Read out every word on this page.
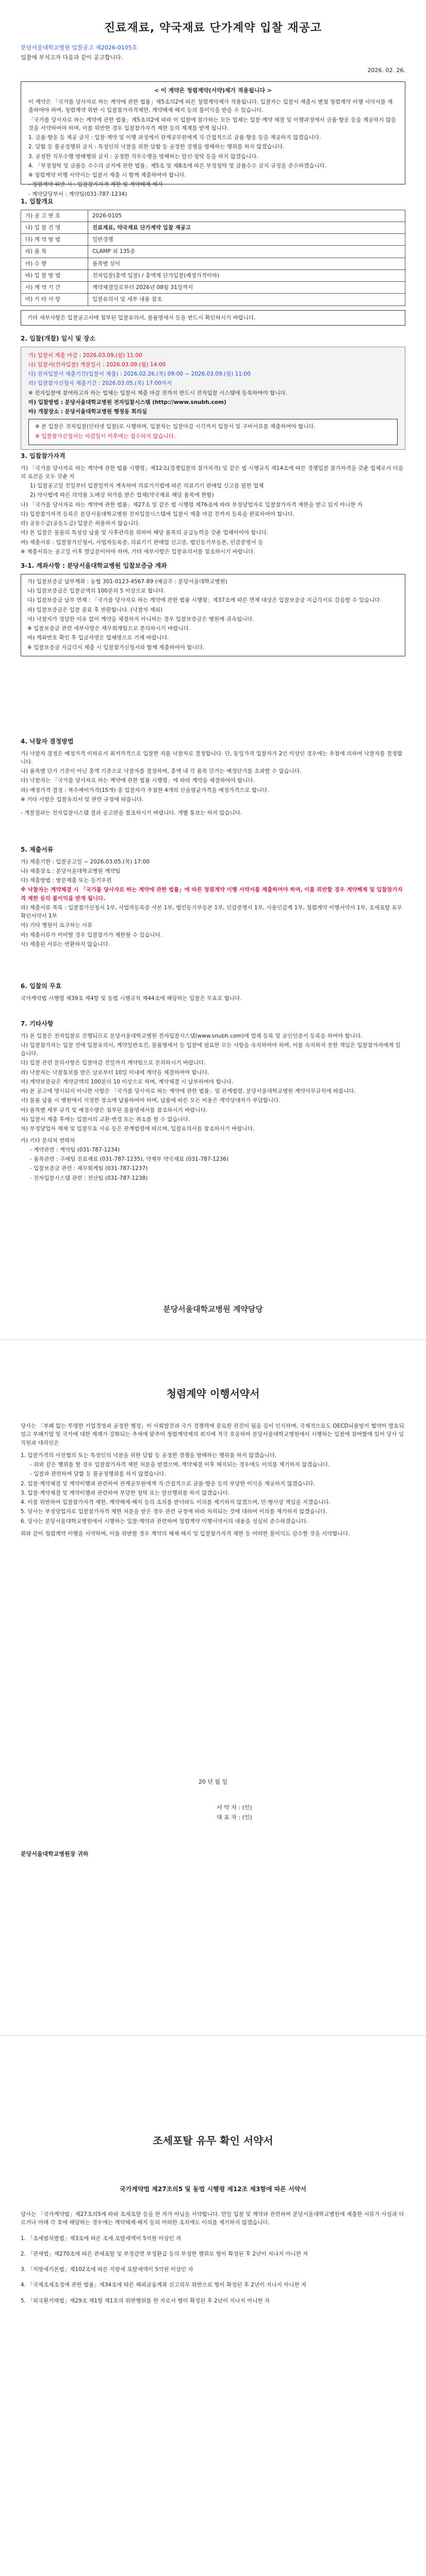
진료재료, 약국재료 단가계약 입찰 재공고

분당서울대학교병원 입찰공고 제2026-0105호

입찰에 부치고자 다음과 같이 공고합니다.

2026. 02. 26.
< 이 계약은 청렴계약(서약)제가 적용됩니다 >

이 계약은 「국가를 당사자로 하는 계약에 관한 법률」제5조의2에 따른 청렴계약제가 적용됩니다. 입찰자는 입찰서 제출시 별첨 청렴계약 이행 서약서를 제출하여야 하며, 청렴계약 위반 시 입찰참가자격제한, 계약해제·해지 등의 불이익을 받을 수 있습니다.

「국가를 당사자로 하는 계약에 관한 법률」제5조의2에 따라 이 입찰에 참가하는 모든 업체는 입찰·계약 체결 및 이행과정에서 금품·향응 등을 제공하지 않을 것을 서약하여야 하며, 이를 위반한 경우 입찰참가자격 제한 등의 제재를 받게 됩니다.

1. 금품·향응 등 제공 금지 : 입찰·계약 및 이행 과정에서 관계공무원에게 직·간접적으로 금품·향응 등을 제공하지 않겠습니다.

2. 담합 등 불공정행위 금지 : 특정인의 낙찰을 위한 담합 등 공정한 경쟁을 방해하는 행위를 하지 않겠습니다.

3. 공정한 직무수행 방해행위 금지 : 공정한 직무수행을 방해하는 알선·청탁 등을 하지 않겠습니다.

4. 「부정청탁 및 금품등 수수의 금지에 관한 법률」제5조 및 제8조에 따른 부정청탁 및 금품수수 금지 규정을 준수하겠습니다.

※ 청렴계약 이행 서약서는 입찰서 제출 시 함께 제출하여야 합니다.

- 청렴계약 위반 시 : 입찰참가자격 제한 및 계약해제·해지

- 계약담당부서 : 계약팀(031-787-1234)

1. 입찰개요
가) 공 고 번 호	2026-0105
나) 입 찰 건 명	진료재료, 약국재료 단가계약 입찰 재공고
다) 계 약 방 법	일반경쟁
라) 품 목	CLAMP 외 135종
마) 수 량	품목별 상이
바) 입 찰 방 법	전자입찰(총액 입찰) / 총액제 단가입찰(예정가격이하)
사) 계 약 기 간	계약체결일로부터 2026년 08월 31일까지
아) 기 타 사 항	입찰유의서 및 세부 내용 참조
기타 세부사항은 입찰공고서에 첨부된 입찰유의서, 물품명세서 등을 반드시 확인하시기 바랍니다.
2. 입찰(개찰) 일시 및 장소

가) 입찰서 제출 마감 : 2026.03.09.(월) 11:00

나) 입찰서(전자입찰) 개찰일시 : 2026.03.09.(월) 14:00

다) 전자입찰서 제출기간(입찰서 제출) : 2026.02.26.(목) 09:00 ~ 2026.03.09.(월) 11:00

라) 입찰참가신청서 제출기간 : 2026.03.05.(목) 17:00까지

※ 전자입찰에 참여하고자 하는 업체는 입찰서 제출 마감 전까지 반드시 전자입찰 시스템에 등록하여야 합니다.

마) 입찰방법 : 분당서울대학교병원 전자입찰시스템 (http://www.snubh.com)

바) 개찰장소 : 분당서울대학교병원 행정동 회의실

※ 본 입찰은 전자입찰(인터넷 입찰)로 시행하며, 입찰자는 입찰마감 시각까지 입찰서 및 구비서류를 제출하여야 합니다.

※ 입찰참가신청서는 마감일시 이후에는 접수하지 않습니다.

3. 입찰참가자격

가) 「국가를 당사자로 하는 계약에 관한 법률 시행령」제12조(경쟁입찰의 참가자격) 및 같은 법 시행규칙 제14조에 따른 경쟁입찰 참가자격을 갖춘 업체로서 다음의 요건을 모두 갖춘 자

1) 입찰공고일 전일부터 입찰일까지 계속하여 의료기기법에 따른 의료기기 판매업 신고를 필한 업체

2) 약사법에 따른 의약품 도매상 허가를 받은 업체(약국재료 해당 품목에 한함)

나) 「국가를 당사자로 하는 계약에 관한 법률」제27조 및 같은 법 시행령 제76조에 따라 부정당업자로 입찰참가자격 제한을 받고 있지 아니한 자

다) 입찰참가자격 등록은 분당서울대학교병원 전자입찰시스템에 입찰서 제출 마감 전까지 등록을 완료하여야 합니다.

라) 공동수급(공동도급) 입찰은 허용하지 않습니다.

마) 본 입찰은 물품의 특성상 납품 및 사후관리를 위하여 해당 품목의 공급능력을 갖춘 업체이어야 합니다.

바) 제출서류 : 입찰참가신청서, 사업자등록증, 의료기기 판매업 신고증, 법인등기부등본, 인감증명서 등

※ 제출서류는 공고일 이후 발급분이어야 하며, 기타 세부사항은 입찰유의서를 참조하시기 바랍니다.

3-1. 계좌사항 : 분당서울대학교병원 입찰보증금 계좌

가) 입찰보증금 납부계좌 : 농협 301-0123-4567-89 (예금주 : 분당서울대학교병원)

나) 입찰보증금은 입찰금액의 100분의 5 이상으로 합니다.

다) 입찰보증금 납부 면제 : 「국가를 당사자로 하는 계약에 관한 법률 시행령」제37조에 따른 면제 대상은 입찰보증금 지급각서로 갈음할 수 있습니다.

라) 입찰보증금은 입찰 종료 후 반환합니다. (낙찰자 제외)

마) 낙찰자가 정당한 이유 없이 계약을 체결하지 아니하는 경우 입찰보증금은 병원에 귀속됩니다.

※ 입찰보증금 관련 세부사항은 재무회계팀으로 문의하시기 바랍니다.

바) 계좌번호 확인 후 입금자명은 업체명으로 기재 바랍니다.

※ 입찰보증금 지급각서 제출 시 입찰참가신청서와 함께 제출하여야 합니다.

4. 낙찰자 결정방법

가) 낙찰자 결정은 예정가격 이하로서 최저가격으로 입찰한 자를 낙찰자로 결정합니다. 단, 동일가격 입찰자가 2인 이상인 경우에는 추첨에 의하여 낙찰자를 결정합니다.

나) 품목별 단가 기준이 아닌 총액 기준으로 낙찰자를 결정하며, 총액 내 각 품목 단가는 예정단가를 초과할 수 없습니다.

다) 낙찰자는 「국가를 당사자로 하는 계약에 관한 법률 시행령」에 따라 계약을 체결하여야 합니다.

라) 예정가격 결정 : 복수예비가격(15개) 중 입찰자가 추첨한 4개의 산술평균가격을 예정가격으로 합니다.

※ 기타 사항은 입찰유의서 및 관련 규정에 따릅니다.

- 개찰결과는 전자입찰시스템 결과 공고란을 참조하시기 바랍니다. 개별 통보는 하지 않습니다.

5. 제출서류

가) 제출기한 : 입찰공고일 ~ 2026.03.05.(목) 17:00

나) 제출장소 : 분당서울대학교병원 계약팀

다) 제출방법 : 방문제출 또는 등기우편

※ 낙찰자는 계약체결 시 「국가를 당사자로 하는 계약에 관한 법률」에 따른 청렴계약 이행 서약서를 제출하여야 하며, 이를 위반할 경우 계약해제 및 입찰참가자격 제한 등의 불이익을 받게 됩니다.

라) 제출서류 목록 : 입찰참가신청서 1부, 사업자등록증 사본 1부, 법인등기부등본 1부, 인감증명서 1부, 사용인감계 1부, 청렴계약 이행서약서 1부, 조세포탈 유무 확인서약서 1부

마) 기타 병원이 요구하는 서류

바) 제출서류가 미비할 경우 입찰참가가 제한될 수 있습니다.

사) 제출된 서류는 반환하지 않습니다.

6. 입찰의 무효

국가계약법 시행령 제39조 제4항 및 동법 시행규칙 제44조에 해당하는 입찰은 무효로 합니다.

7. 기타사항

가) 본 입찰은 전자입찰로 진행되므로 분당서울대학교병원 전자입찰시스템(www.snubh.com)에 업체 등록 및 공인인증서 등록을 하여야 합니다.

나) 입찰참가자는 입찰 전에 입찰유의서, 계약일반조건, 물품명세서 등 입찰에 필요한 모든 사항을 숙지하여야 하며, 이를 숙지하지 못한 책임은 입찰참가자에게 있습니다.

다) 입찰 관련 문의사항은 입찰마감 전일까지 계약팀으로 문의하시기 바랍니다.

라) 낙찰자는 낙찰통보를 받은 날로부터 10일 이내에 계약을 체결하여야 합니다.

마) 계약보증금은 계약금액의 100분의 10 이상으로 하며, 계약체결 시 납부하여야 합니다.

바) 본 공고에 명시되지 아니한 사항은 「국가를 당사자로 하는 계약에 관한 법률」및 관계법령, 분당서울대학교병원 계약사무규칙에 따릅니다.

사) 물품 납품 시 병원에서 지정한 장소에 납품하여야 하며, 납품에 따른 모든 비용은 계약상대자가 부담합니다.

아) 품목별 세부 규격 및 예정수량은 첨부된 물품명세서를 참조하시기 바랍니다.

자) 입찰서 제출 후에는 입찰서의 교환·변경 또는 취소를 할 수 없습니다.

차) 부정당업자 제재 및 입찰무효 사유 등은 관계법령에 따르며, 입찰유의서를 참조하시기 바랍니다.

카) 기타 문의처 연락처

- 계약관련 : 계약팀 (031-787-1234)

- 품목관련 : 구매팀 진료재료 (031-787-1235), 약제부 약국재료 (031-787-1236)

- 입찰보증금 관련 : 재무회계팀 (031-787-1237)

- 전자입찰시스템 관련 : 전산팀 (031-787-1238)

분당서울대학교병원 계약담당
청렴계약 이행서약서

당사는 「부패 없는 투명한 기업경영과 공정한 행정」이 사회발전과 국가 경쟁력에 중요한 관건이 됨을 깊이 인식하며, 국제적으로도 OECD뇌물방지 협약이 발효되었고 부패기업 및 국가에 대한 제재가 강화되는 추세에 맞추어 청렴계약제의 취지에 적극 호응하여 분당서울대학교병원에서 시행하는 입찰에 참여함에 있어 당사 임직원과 대리인은

1. 입찰가격의 사전협의 또는 특정인의 낙찰을 위한 담합 등 공정한 경쟁을 방해하는 행위를 하지 않겠습니다.

- 위와 같은 행위를 할 경우 입찰참가자격 제한 처분을 받겠으며, 계약체결 이후 해지되는 경우에도 이의를 제기하지 않겠습니다.

- 입찰과 관련하여 담합 등 불공정행위를 하지 않겠습니다.

2. 입찰·계약체결 및 계약이행과 관련하여 관계공무원에게 직·간접적으로 금품·향응 등의 부당한 이익을 제공하지 않겠습니다.

3. 입찰·계약체결 및 계약이행과 관련하여 부당한 청탁 또는 알선행위를 하지 않겠습니다.

4. 이를 위반하여 입찰참가자격 제한, 계약해제·해지 등의 조치를 받더라도 이의를 제기하지 않겠으며, 민·형사상 책임을 지겠습니다.

5. 당사는 부정당업자로 입찰참가자격 제한 처분을 받은 경우 관련 규정에 따라 처리되는 것에 대하여 이의를 제기하지 않겠습니다.

6. 당사는 분당서울대학교병원에서 시행하는 입찰·계약과 관련하여 청렴계약 이행서약서의 내용을 성실히 준수하겠습니다.

위와 같이 청렴계약 이행을 서약하며, 이를 위반할 경우 계약의 해제·해지 및 입찰참가자격 제한 등 어떠한 불이익도 감수할 것을 서약합니다.

20 년 월 일

서 약 자 : (인)

대 표 자 : (인)

분당서울대학교병원장 귀하
조세포탈 유무 확인 서약서
국가계약법 제27조의5 및 동법 시행령 제12조 제3항에 따른 서약서

당사는 「국가계약법」제27조의5에 따라 조세포탈 등을 한 자가 아님을 서약합니다. 만일 입찰 및 계약과 관련하여 분당서울대학교병원에 제출한 서류가 사실과 다르거나 아래 각 호에 해당하는 경우에는 계약해제·해지 등의 어떠한 조치에도 이의를 제기하지 않겠습니다.

1. 「조세범처벌법」제3조에 따른 조세 포탈세액이 5억원 이상인 자

2. 「관세법」제270조에 따른 관세포탈 및 부정감면 부정환급 등의 부정한 행위로 형이 확정된 후 2년이 지나지 아니한 자

3. 「지방세기본법」제102조에 따른 지방세 포탈세액이 5억원 이상인 자

4. 「국제조세조정에 관한 법률」제34조에 따른 해외금융계좌 신고의무 위반으로 형이 확정된 후 2년이 지나지 아니한 자

5. 「외국환거래법」제29조 제1항 제1호의 위반행위를 한 자로서 형이 확정된 후 2년이 지나지 아니한 자
